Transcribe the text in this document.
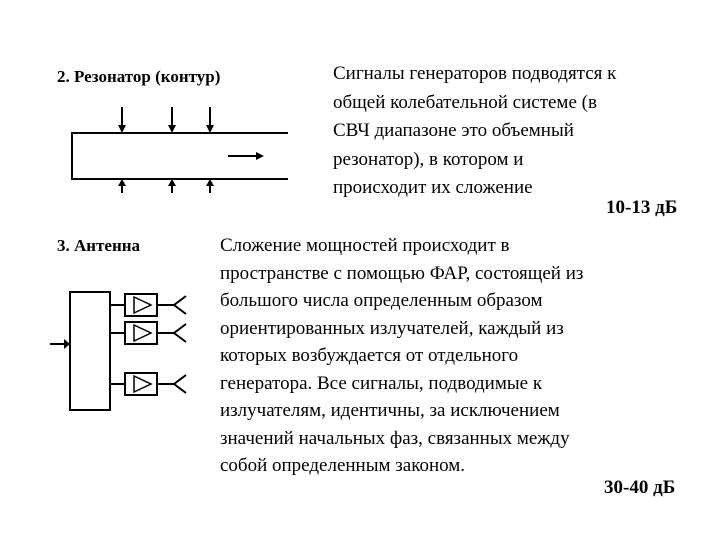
2. Резонатор (контур)	Сигналы генераторов подводятся к
общей колебательной системе (в
СВЧ диапазоне это объемный
резонатор), в котором и
происходит их сложение
10-13 дБ
3. Антенна	Сложение мощностей происходит в
пространстве с помощью ФАР, состоящей из
большого числа определенным образом
ориентированных излучателей, каждый из
которых возбуждается от отдельного
генератора. Все сигналы, подводимые к
излучателям, идентичны, за исключением
значений начальных фаз, связанных между
собой определенным законом.
30-40 дБ
